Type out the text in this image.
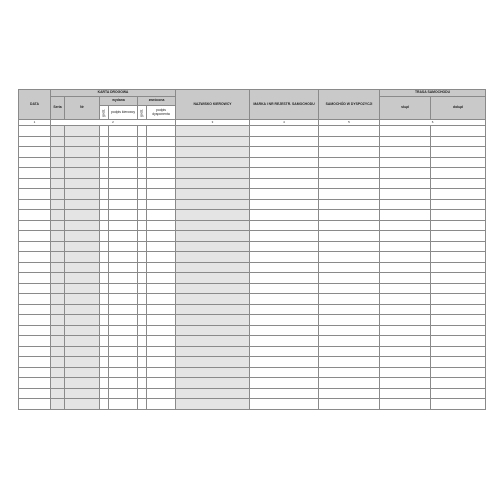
DATA	KARTA DROGOWA						NAZWISKO KIEROWCY	MARKA I NR REJESTR. SAMOCHODU	SAMOCHÓD W DYSPOZYCJI	TRASA SAMOCHODU	
	Seria	Nr	wydana		zwrócona					skąd	dokąd
			godz.	podpis kierowcy	godz.	podpis dysponenta					
1	2						3	4	5	6	
